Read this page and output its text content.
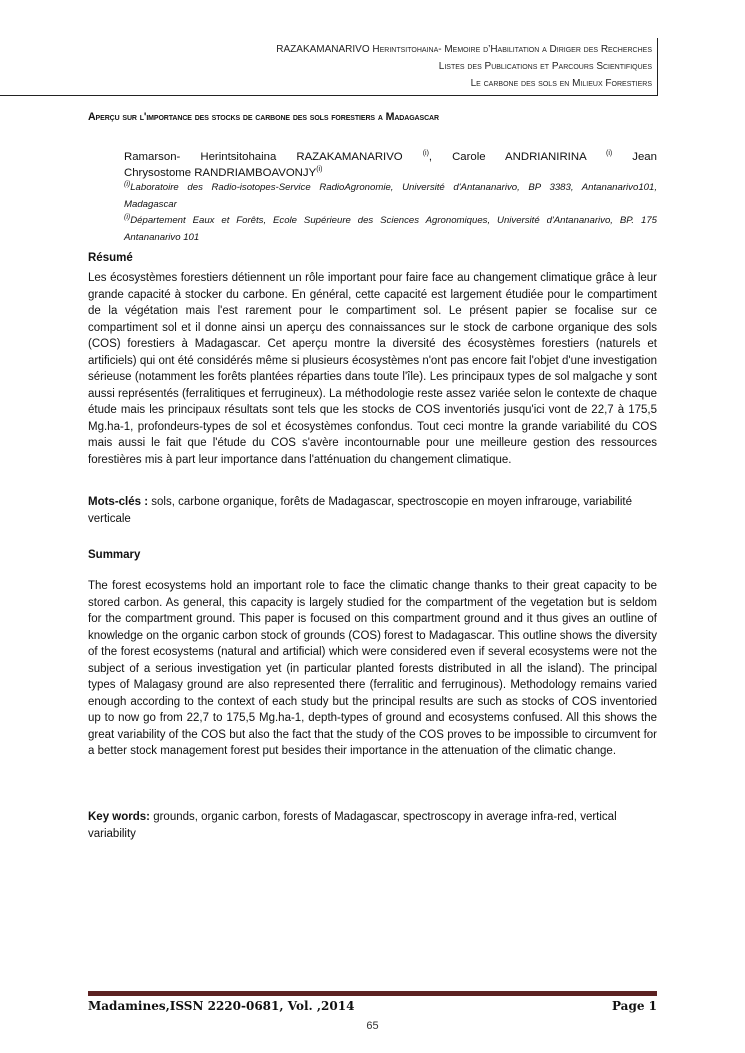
RAZAKAMANARIVO Herintsitohaina- Memoire d’Habilitation a Diriger des Recherches
Listes des Publications et Parcours Scientifiques
Le carbone des sols en Milieux Forestiers
Aperçu sur l'importance des stocks de carbone des sols forestiers a Madagascar
Ramarson- Herintsitohaina RAZAKAMANARIVO	$^{(i)}$, Carole ANDRIANIRINA	$^{(i)}$ Jean
Chrysostome RANDRIAMBOAVONJY$^{(i)}$
$^{(i)}$Laboratoire des Radio-isotopes-Service RadioAgronomie, Université d'Antananarivo, BP 3383, Antananarivo101, Madagascar
$^{(i)}$Département Eaux et Forêts, Ecole Supérieure des Sciences Agronomiques, Université d'Antananarivo, BP. 175 Antananarivo 101
Résumé
Les écosystèmes forestiers détiennent un rôle important pour faire face au changement climatique grâce à leur grande capacité à stocker du carbone. En général, cette capacité est largement étudiée pour le compartiment de la végétation mais l'est rarement pour le compartiment sol. Le présent papier se focalise sur ce compartiment sol et il donne ainsi un aperçu des connaissances sur le stock de carbone organique des sols (COS) forestiers à Madagascar. Cet aperçu montre la diversité des écosystèmes forestiers (naturels et artificiels) qui ont été considérés même si plusieurs écosystèmes n'ont pas encore fait l'objet d'une investigation sérieuse (notamment les forêts plantées réparties dans toute l'île). Les principaux types de sol malgache y sont aussi représentés (ferralitiques et ferrugineux). La méthodologie reste assez variée selon le contexte de chaque étude mais les principaux résultats sont tels que les stocks de COS inventoriés jusqu'ici vont de 22,7 à 175,5 Mg.ha-1, profondeurs-types de sol et écosystèmes confondus. Tout ceci montre la grande variabilité du COS mais aussi le fait que l'étude du COS s'avère incontournable pour une meilleure gestion des ressources forestières mis à part leur importance dans l'atténuation du changement climatique.
Mots-clés : sols, carbone organique, forêts de Madagascar, spectroscopie en moyen infrarouge, variabilité verticale
Summary
The forest ecosystems hold an important role to face the climatic change thanks to their great capacity to be stored carbon. As general, this capacity is largely studied for the compartment of the vegetation but is seldom for the compartment ground. This paper is focused on this compartment ground and it thus gives an outline of knowledge on the organic carbon stock of grounds (COS) forest to Madagascar. This outline shows the diversity of the forest ecosystems (natural and artificial) which were considered even if several ecosystems were not the subject of a serious investigation yet (in particular planted forests distributed in all the island). The principal types of Malagasy ground are also represented there (ferralitic and ferruginous). Methodology remains varied enough according to the context of each study but the principal results are such as stocks of COS inventoried up to now go from 22,7 to 175,5 Mg.ha-1, depth-types of ground and ecosystems confused. All this shows the great variability of the COS but also the fact that the study of the COS proves to be impossible to circumvent for a better stock management forest put besides their importance in the attenuation of the climatic change.
Key words: grounds, organic carbon, forests of Madagascar, spectroscopy in average infra-red, vertical variability
Madamines,ISSN 2220-0681, Vol. ,2014	Page 1
65
